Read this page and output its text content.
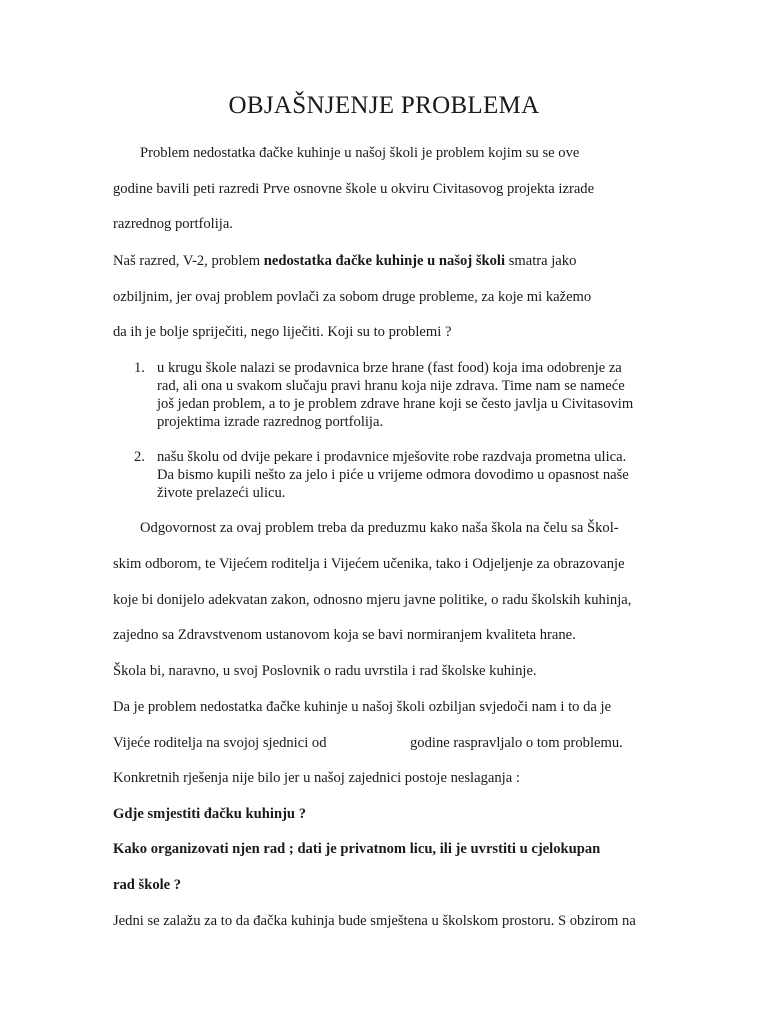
OBJAŠNJENJE PROBLEMA
Problem nedostatka đačke kuhinje u našoj školi je problem kojim su se ove
godine bavili peti razredi Prve osnovne škole u okviru Civitasovog projekta izrade
razrednog portfolija.
Naš razred, V-2, problem nedostatka đačke kuhinje u našoj školi smatra jako
ozbiljnim, jer ovaj problem povlači za sobom druge probleme, za koje mi kažemo
da ih je bolje spriječiti, nego liječiti. Koji su to problemi ?
1. u krugu škole nalazi se prodavnica brze hrane (fast food) koja ima odobrenje za
rad, ali ona u svakom slučaju pravi hranu koja nije zdrava. Time nam se nameće
još jedan problem, a to je problem zdrave hrane koji se često javlja u Civitasovim
projektima izrade razrednog portfolija.
2. našu školu od dvije pekare i prodavnice mješovite robe razdvaja prometna ulica.
Da bismo kupili nešto za jelo i piće u vrijeme odmora dovodimo u opasnost naše
živote prelazeći ulicu.
Odgovornost za ovaj problem treba da preduzmu kako naša škola na čelu sa Škol-
skim odborom, te Vijećem roditelja i Vijećem učenika, tako i Odjeljenje za obrazovanje
koje bi donijelo adekvatan zakon, odnosno mjeru javne politike, o radu školskih kuhinja,
zajedno sa Zdravstvenom ustanovom koja se bavi normiranjem kvaliteta hrane.
Škola bi, naravno, u svoj Poslovnik o radu uvrstila i rad školske kuhinje.
Da je problem nedostatka đačke kuhinje u našoj školi ozbiljan svjedoči nam i to da je
Vijeće roditelja na svojoj sjednici od	godine raspravljalo o tom problemu.
Konkretnih rješenja nije bilo jer u našoj zajednici postoje neslaganja :
Gdje smjestiti đačku kuhinju ?
Kako organizovati njen rad ; dati je privatnom licu, ili je uvrstiti u cjelokupan
rad škole ?
Jedni se zalažu za to da đačka kuhinja bude smještena u školskom prostoru. S obzirom na
